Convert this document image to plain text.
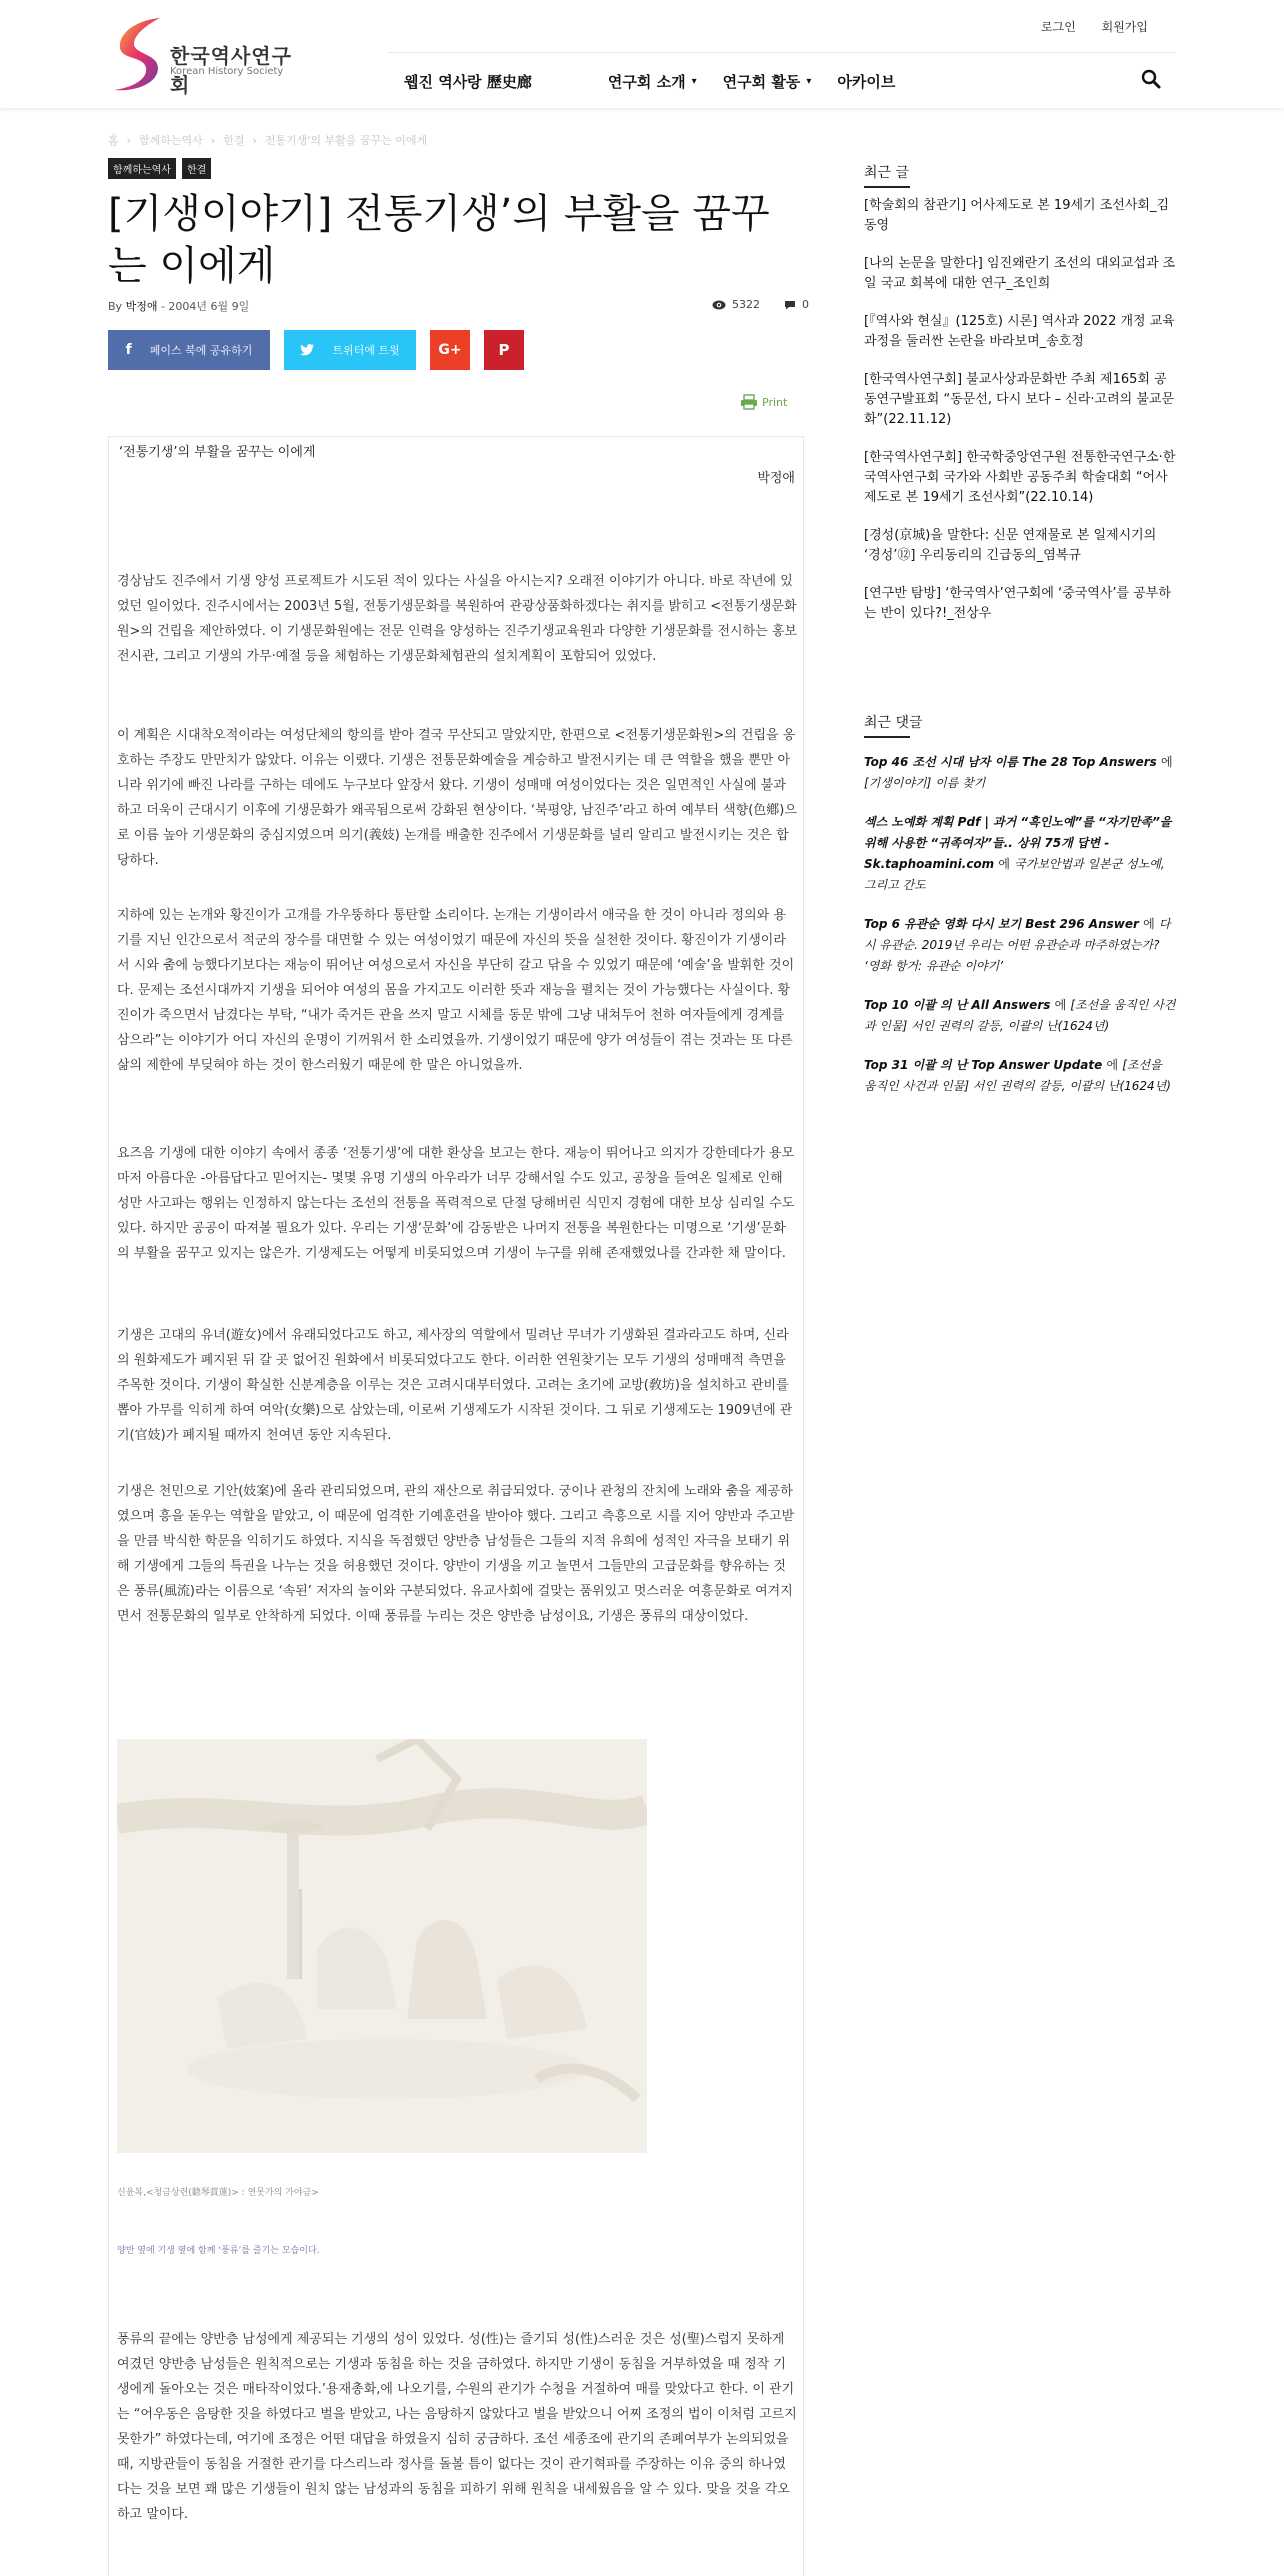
한국역사연구회
Korean History Society
로그인 회원가입
웹진 역사랑 歷史廊	연구회 소개 ▾ 연구회 활동 ▾ 아카이브
홈 › 함께하는역사 › 한결 › 전통기생'의 부활을 꿈꾸는 이에게
함께하는역사	한결
[기생이야기] 전통기생’의 부활을 꿈꾸는 이에게
By 박정애 - 2004년 6월 9일	5322	0
f 페이스 북에 공유하기	트위터에 트윗	G+ P
Print
‘전통기생’의 부활을 꿈꾸는 이에게
박정애

경상남도 진주에서 기생 양성 프로젝트가 시도된 적이 있다는 사실을 아시는지? 오래전 이야기가 아니다. 바로 작년에 있었던 일이었다. 진주시에서는 2003년 5월, 전통기생문화를 복원하여 관광상품화하겠다는 취지를 밝히고 <전통기생문화원>의 건립을 제안하였다. 이 기생문화원에는 전문 인력을 양성하는 진주기생교육원과 다양한 기생문화를 전시하는 홍보전시관, 그리고 기생의 가무·예절 등을 체험하는 기생문화체험관의 설치계획이 포함되어 있었다.

이 계획은 시대착오적이라는 여성단체의 항의를 받아 결국 무산되고 말았지만, 한편으로 <전통기생문화원>의 건립을 옹호하는 주장도 만만치가 않았다. 이유는 이랬다. 기생은 전통문화예술을 계승하고 발전시키는 데 큰 역할을 했을 뿐만 아니라 위기에 빠진 나라를 구하는 데에도 누구보다 앞장서 왔다. 기생이 성매매 여성이었다는 것은 일면적인 사실에 불과하고 더욱이 근대시기 이후에 기생문화가 왜곡됨으로써 강화된 현상이다. ‘북평양, 남진주’라고 하여 예부터 색향(色鄕)으로 이름 높아 기생문화의 중심지였으며 의기(義妓) 논개를 배출한 진주에서 기생문화를 널리 알리고 발전시키는 것은 합당하다.

지하에 있는 논개와 황진이가 고개를 가우뚱하다 통탄할 소리이다. 논개는 기생이라서 애국을 한 것이 아니라 정의와 용기를 지닌 인간으로서 적군의 장수를 대면할 수 있는 여성이었기 때문에 자신의 뜻을 실천한 것이다. 황진이가 기생이라서 시와 춤에 능했다기보다는 재능이 뛰어난 여성으로서 자신을 부단히 갈고 닦을 수 있었기 때문에 ‘예술’을 발휘한 것이다. 문제는 조선시대까지 기생을 되어야 여성의 몸을 가지고도 이러한 뜻과 재능을 펼치는 것이 가능했다는 사실이다. 황진이가 죽으면서 남겼다는 부탁, “내가 죽거든 관을 쓰지 말고 시체를 동문 밖에 그냥 내쳐두어 천하 여자들에게 경계를 삼으라”는 이야기가 어디 자신의 운명이 기꺼워서 한 소리였을까. 기생이었기 때문에 양가 여성들이 겪는 것과는 또 다른 삶의 제한에 부딪혀야 하는 것이 한스러웠기 때문에 한 말은 아니었을까.

요즈음 기생에 대한 이야기 속에서 종종 ‘전통기생’에 대한 환상을 보고는 한다. 재능이 뛰어나고 의지가 강한데다가 용모마저 아름다운 -아름답다고 믿어지는- 몇몇 유명 기생의 아우라가 너무 강해서일 수도 있고, 공창을 들여온 일제로 인해 성만 사고파는 행위는 인정하지 않는다는 조선의 전통을 폭력적으로 단절 당해버린 식민지 경험에 대한 보상 심리일 수도 있다. 하지만 공공이 따져볼 필요가 있다. 우리는 기생‘문화’에 감동받은 나머지 전통을 복원한다는 미명으로 ‘기생’문화의 부활을 꿈꾸고 있지는 않은가. 기생제도는 어떻게 비롯되었으며 기생이 누구를 위해 존재했었나를 간과한 채 말이다.

기생은 고대의 유녀(遊女)에서 유래되었다고도 하고, 제사장의 역할에서 밀려난 무녀가 기생화된 결과라고도 하며, 신라의 원화제도가 폐지된 뒤 갈 곳 없어진 원화에서 비롯되었다고도 한다. 이러한 연원찾기는 모두 기생의 성매매적 측면을 주목한 것이다. 기생이 확실한 신분계층을 이루는 것은 고려시대부터였다. 고려는 초기에 교방(敎坊)을 설치하고 관비를 뽑아 가무를 익히게 하여 여악(女樂)으로 삼았는데, 이로써 기생제도가 시작된 것이다. 그 뒤로 기생제도는 1909년에 관기(官妓)가 폐지될 때까지 천여년 동안 지속된다.

기생은 천민으로 기안(妓案)에 올라 관리되었으며, 관의 재산으로 취급되었다. 궁이나 관청의 잔치에 노래와 춤을 제공하였으며 흥을 돋우는 역할을 맡았고, 이 때문에 엄격한 기예훈련을 받아야 했다. 그리고 측흥으로 시를 지어 양반과 주고받을 만큼 박식한 학문을 익히기도 하였다. 지식을 독점했던 양반층 남성들은 그들의 지적 유희에 성적인 자극을 보태기 위해 기생에게 그들의 특권을 나누는 것을 허용했던 것이다. 양반이 기생을 끼고 놀면서 그들만의 고급문화를 향유하는 것은 풍류(風流)라는 이름으로 ‘속된’ 저자의 놀이와 구분되었다. 유교사회에 걸맞는 품위있고 멋스러운 여흥문화로 여겨지면서 전통문화의 일부로 안착하게 되었다. 이때 풍류를 누리는 것은 양반층 남성이요, 기생은 풍류의 대상이었다.

신윤복,<청금상련(聽琴賞蓮)> : 연못가의 가야금>
양반 옆에 기생 옆에 함께 ‘풍류’를 즐기는 모습이다.

풍류의 끝에는 양반층 남성에게 제공되는 기생의 성이 있었다. 성(性)는 즐기되 성(性)스러운 것은 성(聖)스럽지 못하게 여겼던 양반층 남성들은 원칙적으로는 기생과 동침을 하는 것을 금하였다. 하지만 기생이 동침을 거부하였을 때 정작 기생에게 돌아오는 것은 매타작이었다.’용재총화,에 나오기를, 수원의 관기가 수청을 거절하여 매를 맞았다고 한다. 이 관기는 “어우동은 음탕한 짓을 하였다고 벌을 받았고, 나는 음탕하지 않았다고 벌을 받았으니 어찌 조정의 법이 이처럼 고르지 못한가” 하였다는데, 여기에 조정은 어떤 대답을 하였을지 심히 궁금하다. 조선 세종조에 관기의 존폐여부가 논의되었을 때, 지방관들이 동침을 거절한 관기를 다스리느라 정사를 돌볼 틈이 없다는 것이 관기혁파를 주장하는 이유 중의 하나였다는 것을 보면 꽤 많은 기생들이 원치 않는 남성과의 동침을 피하기 위해 원칙을 내세웠음을 알 수 있다. 맞을 것을 각오하고 말이다.

최근 글
[학술회의 참관기] 어사제도로 본 19세기 조선사회_김동영
[나의 논문을 말한다] 임진왜란기 조선의 대외교섭과 조일 국교 회복에 대한 연구_조인희
[『역사와 현실』(125호) 시론] 역사과 2022 개정 교육과정을 둘러싼 논란을 바라보며_송호정
[한국역사연구회] 불교사상과문화반 주최 제165회 공동연구발표회 “동문선, 다시 보다 – 신라·고려의 불교문화”(22.11.12)
[한국역사연구회] 한국학중앙연구원 전통한국연구소·한국역사연구회 국가와 사회반 공동주최 학술대회 “어사제도로 본 19세기 조선사회”(22.10.14)
[경성(京城)을 말한다: 신문 연재물로 본 일제시기의 ‘경성’⑫] 우리동리의 긴급동의_염복규
[연구반 탐방] ‘한국역사’연구회에 ‘중국역사’를 공부하는 반이 있다?!_전상우
최근 댓글
Top 46 조선 시대 남자 이름 The 28 Top Answers 에 [기생이야기] 이름 찾기
섹스 노예화 계획 Pdf | 과거 “흑인노예”를 “자기만족”을 위해 사용한 “귀족여자”들.. 상위 75개 답변 - Sk.taphoamini.com 에 국가보안법과 일본군 성노예, 그리고 간도
Top 6 유관순 영화 다시 보기 Best 296 Answer 에 다시 유관순. 2019년 우리는 어떤 유관순과 마주하였는가? ‘영화 항거: 유관순 이야기’
Top 10 이괄 의 난 All Answers 에 [조선을 움직인 사건과 인물] 서인 권력의 갈등, 이괄의 난(1624년)
Top 31 이괄 의 난 Top Answer Update 에 [조선을 움직인 사건과 인물] 서인 권력의 갈등, 이괄의 난(1624년)
